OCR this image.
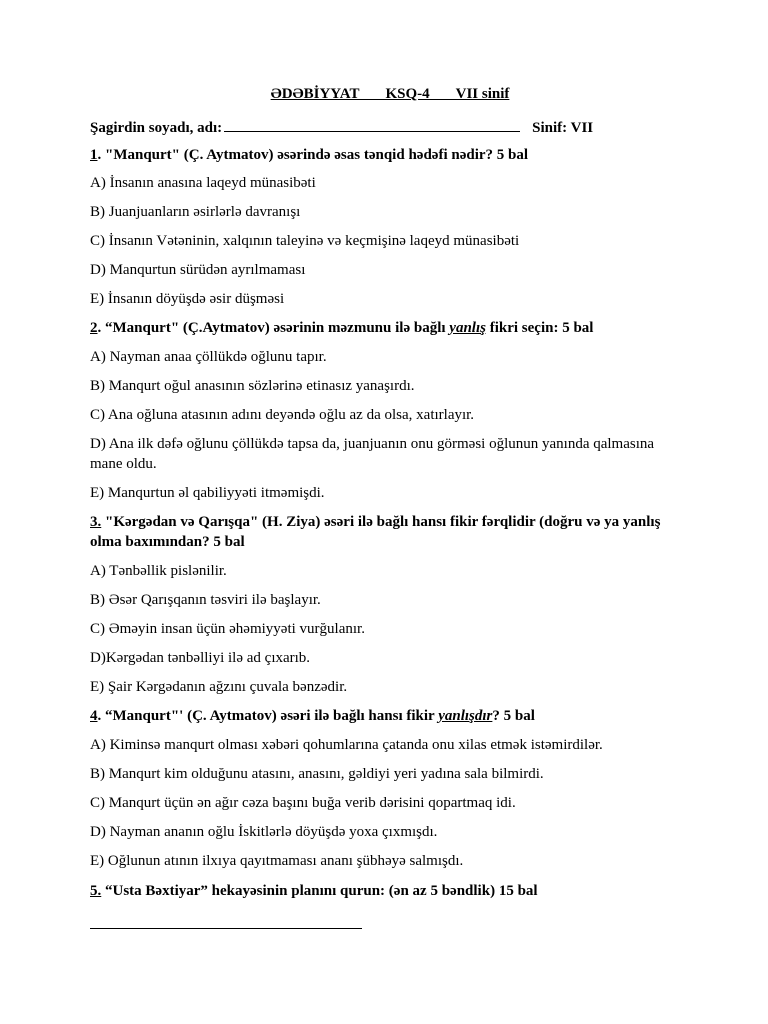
ƏDƏBİYYAT       KSQ-4       VII sinif
Şagirdin soyadı, adı:	Sinif: VII
1. "Manqurt" (Ç. Aytmatov) əsərində əsas tənqid hədəfi nədir? 5 bal
A) İnsanın anasına laqeyd münasibəti
B) Juanjuanların əsirlərlə davranışı
C) İnsanın Vətəninin, xalqının taleyinə və keçmişinə laqeyd münasibəti
D) Manqurtun sürüdən ayrılmaması
E) İnsanın döyüşdə əsir düşməsi
2. “Manqurt" (Ç.Aytmatov) əsərinin məzmunu ilə bağlı yanlış fikri seçin: 5 bal
A) Nayman anaa çöllükdə oğlunu tapır.
B) Manqurt oğul anasının sözlərinə etinasız yanaşırdı.
C) Ana oğluna atasının adını deyəndə oğlu az da olsa, xatırlayır.
D) Ana ilk dəfə oğlunu çöllükdə tapsa da, juanjuanın onu görməsi oğlunun yanında qalmasına mane oldu.
E) Manqurtun əl qabiliyyəti itməmişdi.
3. "Kərgədan və Qarışqa" (H. Ziya) əsəri ilə bağlı hansı fikir fərqlidir (doğru və ya yanlış olma baxımından? 5 bal
A) Tənbəllik pislənilir.
B) Əsər Qarışqanın təsviri ilə başlayır.
C) Əməyin insan üçün əhəmiyyəti vurğulanır.
D)Kərgədan tənbəlliyi ilə ad çıxarıb.
E) Şair Kərgədanın ağzını çuvala bənzədir.
4. “Manqurt"' (Ç. Aytmatov) əsəri ilə bağlı hansı fikir yanlışdır? 5 bal
A) Kiminsə manqurt olması xəbəri qohumlarına çatanda onu xilas etmək istəmirdilər.
B) Manqurt kim olduğunu atasını, anasını, gəldiyi yeri yadına sala bilmirdi.
C) Manqurt üçün ən ağır cəza başını buğa verib dərisini qopartmaq idi.
D) Nayman ananın oğlu İskitlərlə döyüşdə yoxa çıxmışdı.
E) Oğlunun atının ilxıya qayıtmaması ananı şübhəyə salmışdı.
5. “Usta Bəxtiyar” hekayəsinin planını qurun: (ən az 5 bəndlik) 15 bal
